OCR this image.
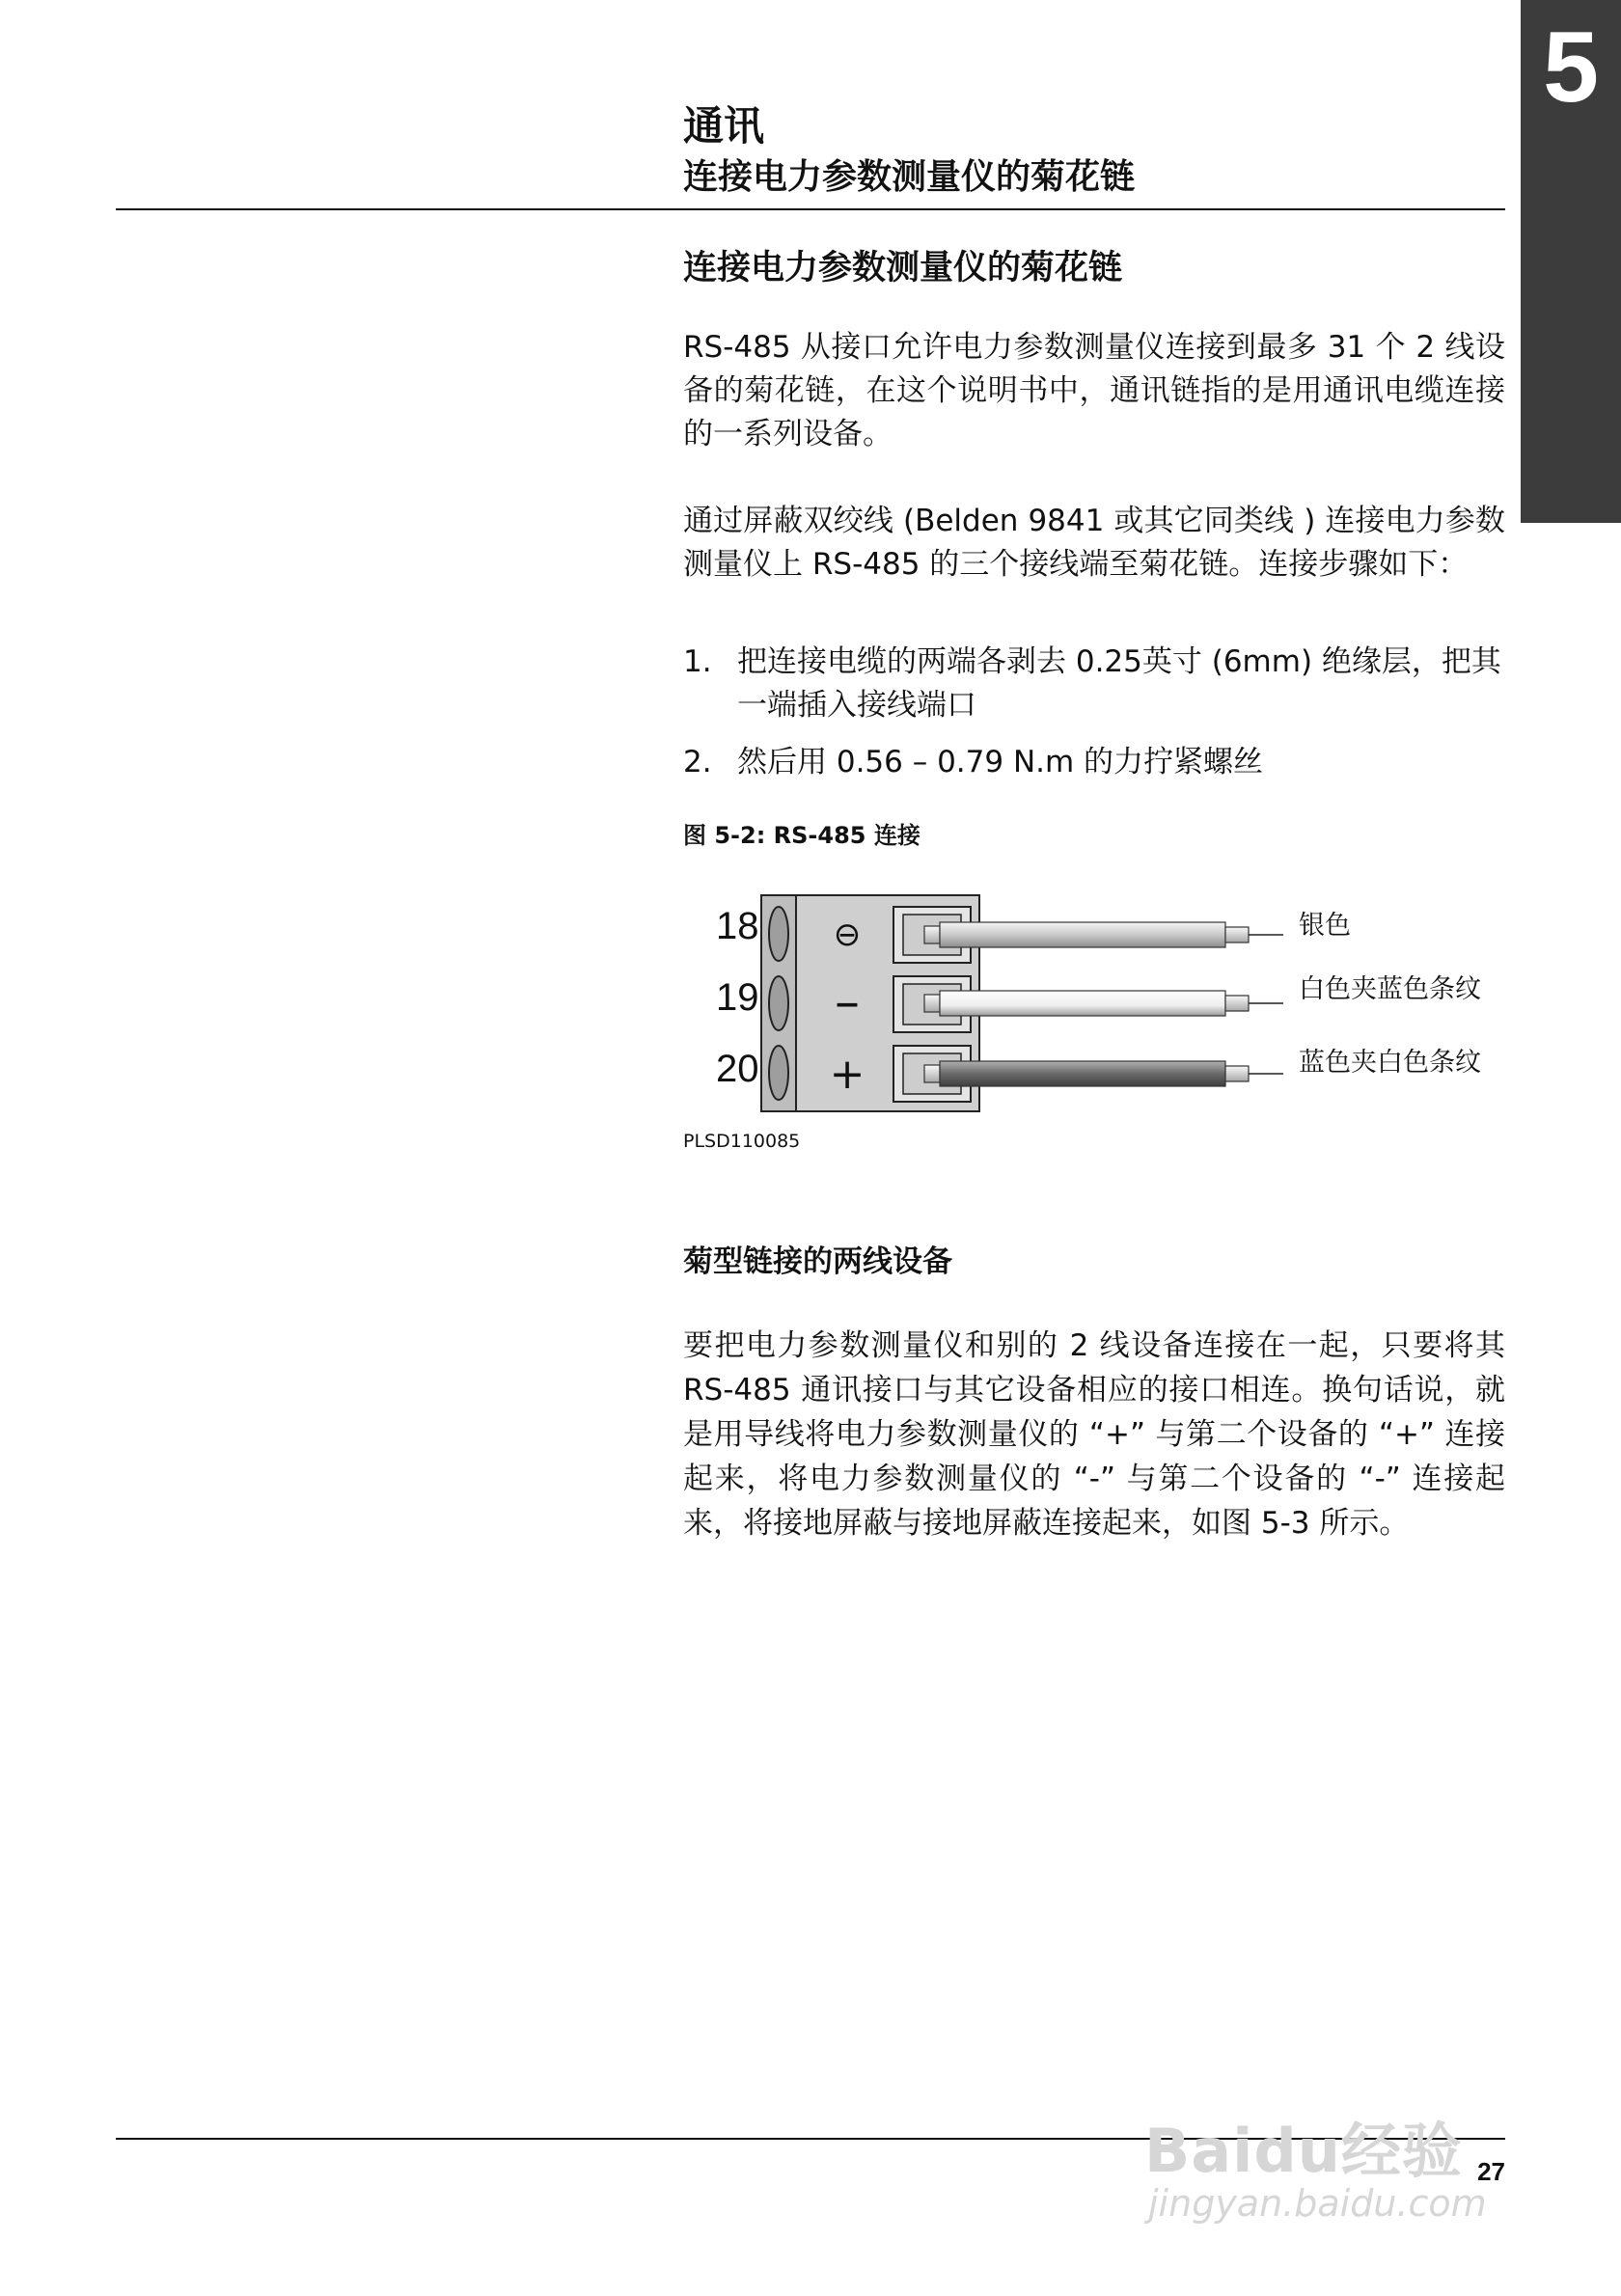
5
通讯
连接电力参数测量仪的菊花链
连接电力参数测量仪的菊花链

RS-485 从接口允许电力参数测量仪连接到最多 31 个 2 线设备的菊花链，在这个说明书中，通讯链指的是用通讯电缆连接的一系列设备。

通过屏蔽双绞线 (Belden 9841 或其它同类线 ) 连接电力参数测量仪上 RS-485 的三个接线端至菊花链。连接步骤如下：

1. 把连接电缆的两端各剥去 0.25英寸 (6mm) 绝缘层，把其一端插入接线端口
2. 然后用 0.56 – 0.79 N.m 的力拧紧螺丝
图 5-2: RS-485 连接
18
19
20
⊖
–
+
银色
白色夹蓝色条纹
蓝色夹白色条纹
PLSD110085
菊型链接的两线设备

要把电力参数测量仪和别的 2 线设备连接在一起，只要将其 RS-485 通讯接口与其它设备相应的接口相连。换句话说，就是用导线将电力参数测量仪的 “+” 与第二个设备的 “+” 连接起来，将电力参数测量仪的 “-” 与第二个设备的 “-” 连接起来，将接地屏蔽与接地屏蔽连接起来，如图 5-3 所示。

Baidu经验
jingyan.baidu.com
27
